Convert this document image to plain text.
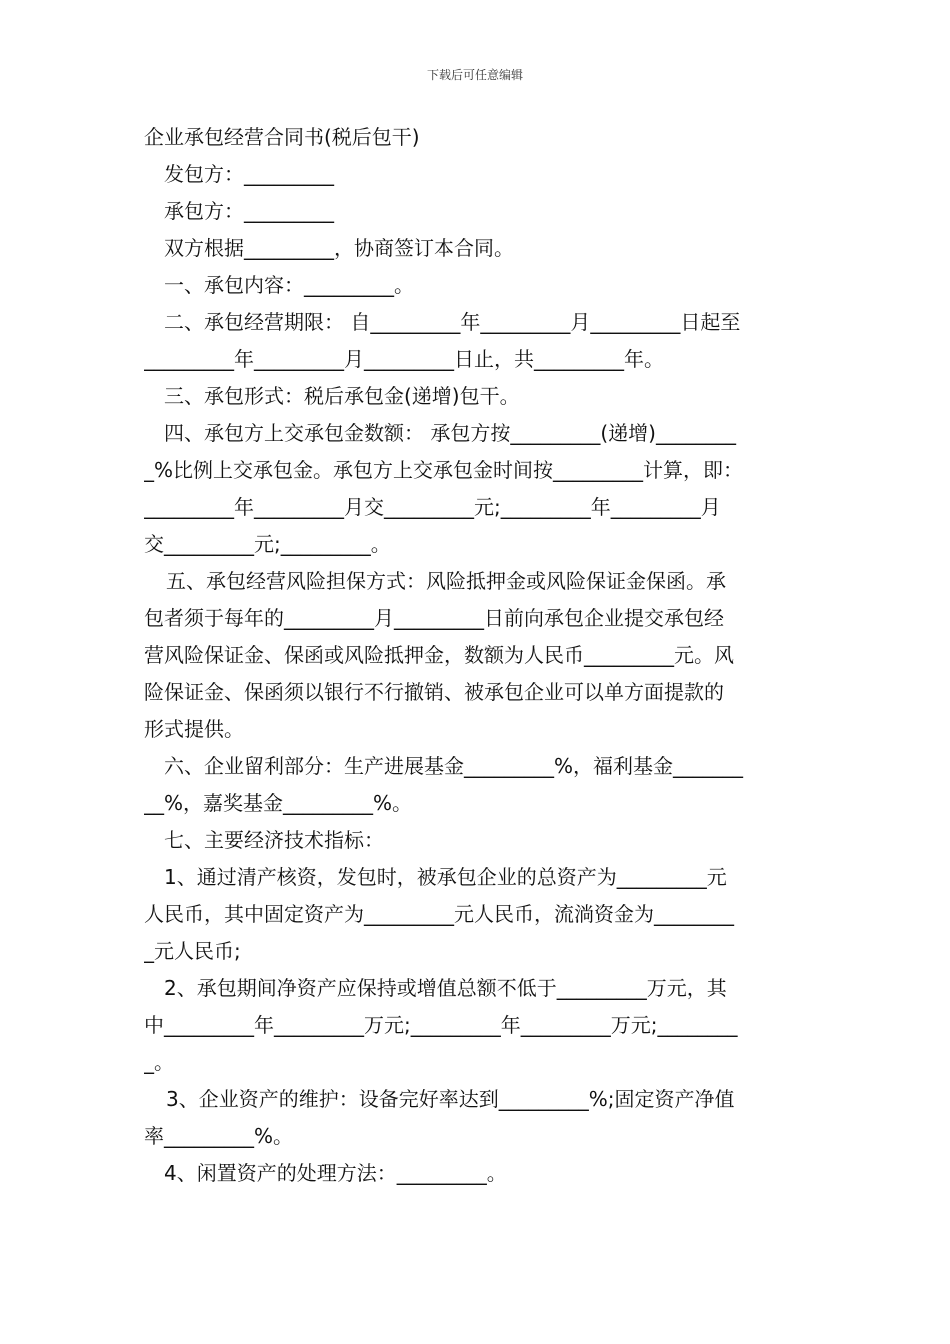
下载后可任意编辑
企业承包经营合同书(税后包干)
发包方：_________
承包方：_________
双方根据_________，协商签订本合同。
一、承包内容：_________。
二、承包经营期限： 自_________年_________月_________日起至
_________年_________月_________日止，共_________年。
三、承包形式：税后承包金(递增)包干。
四、承包方上交承包金数额： 承包方按_________(递增)________
_%比例上交承包金。承包方上交承包金时间按_________计算，即：
_________年_________月交_________元;_________年_________月
交_________元;_________。
五、承包经营风险担保方式：风险抵押金或风险保证金保函。承
包者须于每年的_________月_________日前向承包企业提交承包经
营风险保证金、保函或风险抵押金，数额为人民币_________元。风
险保证金、保函须以银行不行撤销、被承包企业可以单方面提款的
形式提供。
六、企业留利部分：生产进展基金_________%，福利基金_______
__%，嘉奖基金_________%。
七、主要经济技术指标：
1、通过清产核资，发包时，被承包企业的总资产为_________元
人民币，其中固定资产为_________元人民币，流淌资金为________
_元人民币;
2、承包期间净资产应保持或增值总额不低于_________万元，其
中_________年_________万元;_________年_________万元;________
_。
3、企业资产的维护：设备完好率达到_________%;固定资产净值
率_________%。
4、闲置资产的处理方法：_________。
